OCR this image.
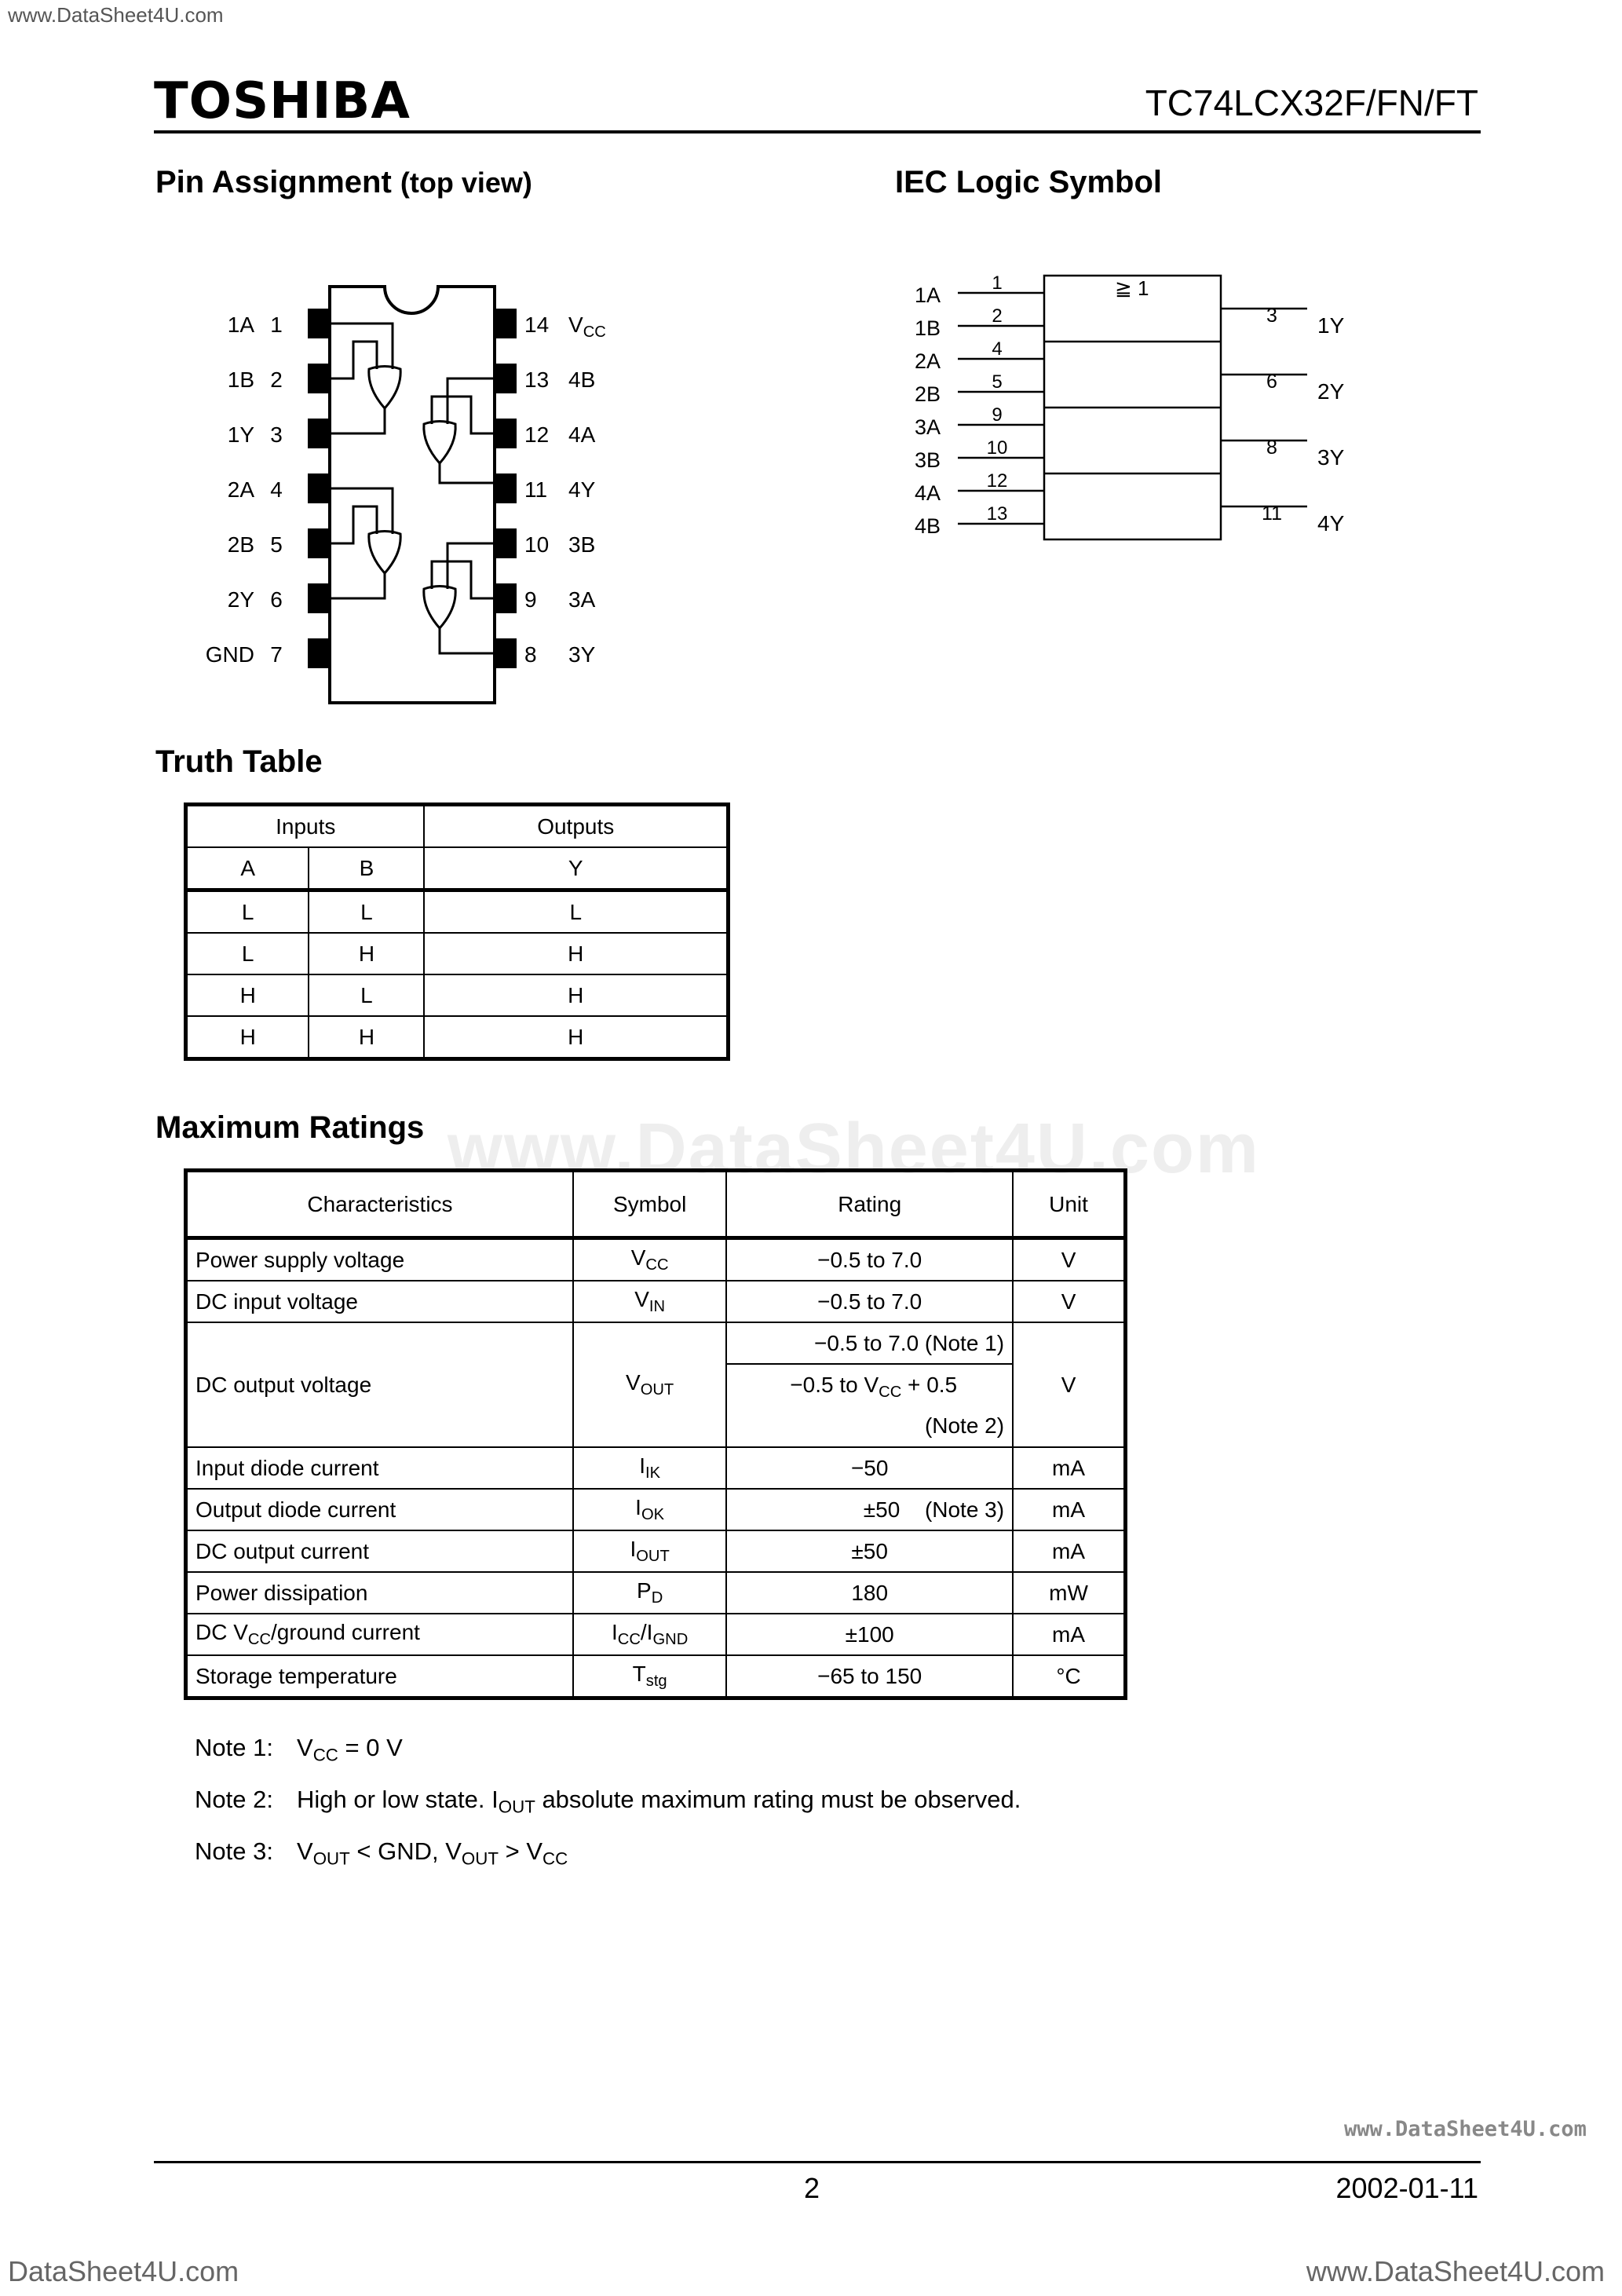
www.DataSheet4U.com
TOSHIBA	TC74LCX32F/FN/FT
Pin Assignment (top view)
1A 1
1B 2
1Y 3
2A 4
2B 5
2Y 6
GND 7
14 $V_{CC}$
13 4B
12 4A
11 4Y
10 3B
9	3A
8	3Y
IEC Logic Symbol
≧ 1
1A
1B
2A
2B
3A
3B
4A
4B
1
2
4
5
9
10
12
13
3
6
8
11
1Y
2Y
3Y
4Y
Truth Table
Inputs		Outputs
A	B	Y
L	L	L
L	H	H
H	L	H
H	H	H
Maximum Ratings www.DataSheet4U.com
Characteristics	Symbol	Rating	Unit
Power supply voltage	$V_{CC}$	−0.5 to 7.0	V
DC input voltage	$V_{IN}$	−0.5 to 7.0	V
DC output voltage	$V_{OUT}$	−0.5 to 7.0 (Note 1)	V

		−0.5 to $V_{CC} + 0.5$
(Note 2)	

Input diode current	$I_{IK}$	−50	mA
Output diode current	$I_{OK}$	±50 (Note 3)	mA
DC output current	$I_{OUT}$	±50	mA
Power dissipation	$P_D$	180	mW
DC $V_{CC}$/ground current	$I_{CC}/I_{GND}$	±100	mA
Storage temperature	$T_{stg}$	−65 to 150	°C
Note 1: $V_{CC} = 0$ V
Note 2: High or low state. $I_{OUT}$ absolute maximum rating must be observed.
Note 3: $V_{OUT}$ < GND, $V_{OUT} > V_{CC}$
www.DataSheet4U.com
2	2002-01-11
DataSheet4U.com	www.DataSheet4U.com
